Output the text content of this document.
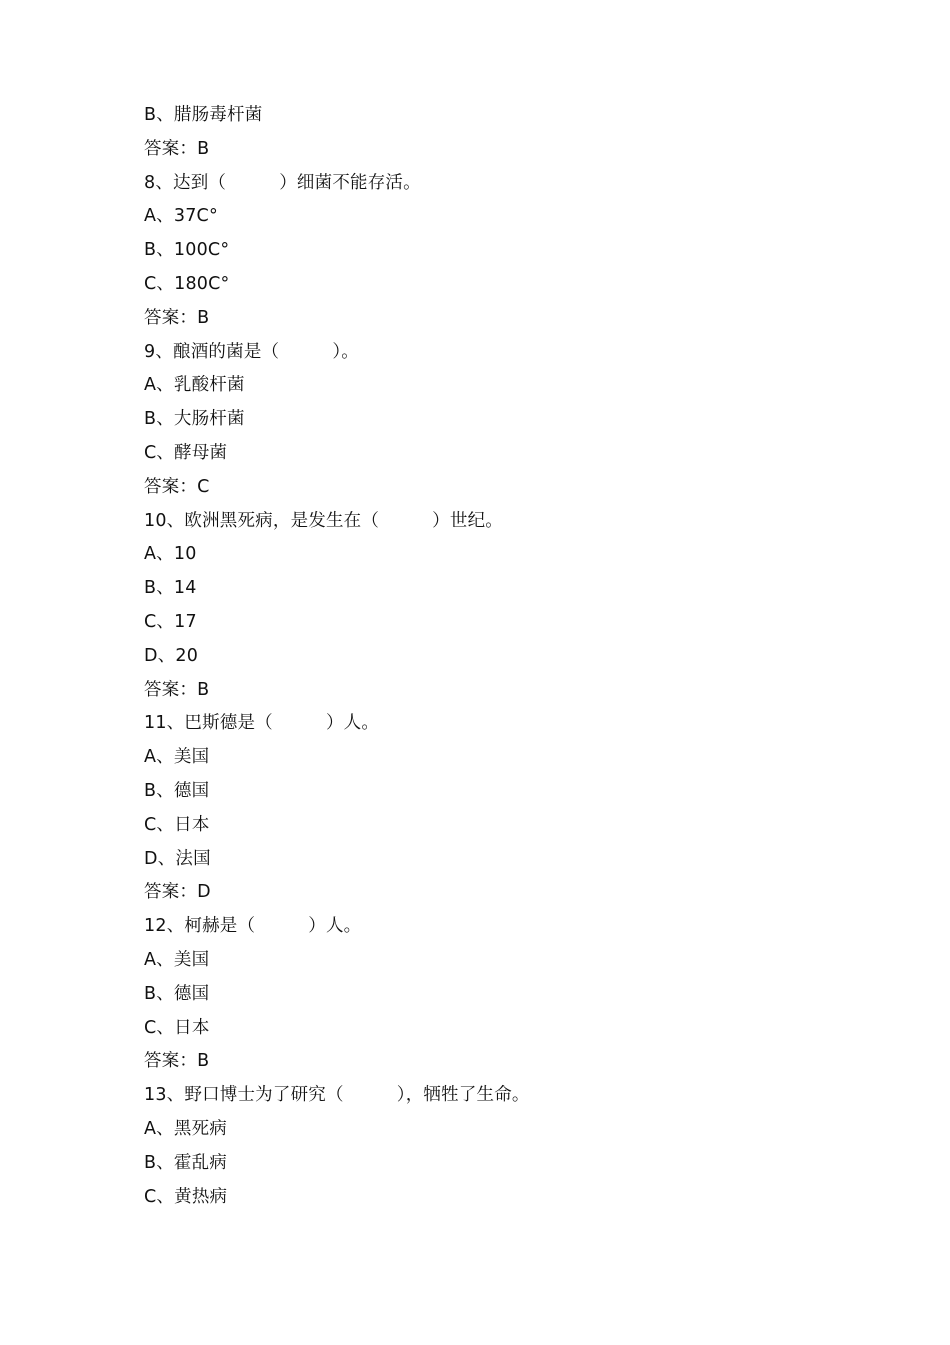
B、腊肠毒杆菌
答案：B
8、达到（　　　）细菌不能存活。
A、37C°
B、100C°
C、180C°
答案：B
9、酿酒的菌是（　　　）。
A、乳酸杆菌
B、大肠杆菌
C、酵母菌
答案：C
10、欧洲黑死病，是发生在（　　　）世纪。
A、10
B、14
C、17
D、20
答案：B
11、巴斯德是（　　　）人。
A、美国
B、德国
C、日本
D、法国
答案：D
12、柯赫是（　　　）人。
A、美国
B、德国
C、日本
答案：B
13、野口博士为了研究（　　　），牺牲了生命。
A、黑死病
B、霍乱病
C、黄热病
